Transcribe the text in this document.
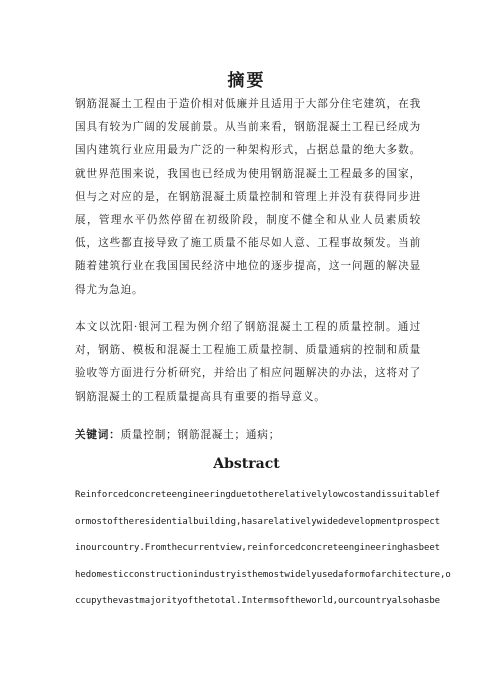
摘要
钢筋混凝土工程由于造价相对低廉并且适用于大部分住宅建筑，在我国具有较为广阔的发展前景。从当前来看，钢筋混凝土工程已经成为国内建筑行业应用最为广泛的一种架构形式，占据总量的绝大多数。就世界范围来说，我国也已经成为使用钢筋混凝土工程最多的国家，但与之对应的是，在钢筋混凝土质量控制和管理上并没有获得同步进展，管理水平仍然停留在初级阶段，制度不健全和从业人员素质较低，这些都直接导致了施工质量不能尽如人意、工程事故频发。当前随着建筑行业在我国国民经济中地位的逐步提高，这一问题的解决显得尤为急迫。
本文以沈阳·银河工程为例介绍了钢筋混凝土工程的质量控制。通过对，钢筋、模板和混凝土工程施工质量控制、质量通病的控制和质量验收等方面进行分析研究，并给出了相应问题解决的办法，这将对了钢筋混凝土的工程质量提高具有重要的指导意义。
关键词：质量控制；钢筋混凝土；通病；
Abstract
Reinforcedconcreteengineeringduetotherelativelylowcostandissuitablef
ormostoftheresidentialbuilding,hasarelativelywidedevelopmentprospect
inourcountry.Fromthecurrentview,reinforcedconcreteengineeringhasbeet
hedomesticconstructionindustryisthemostwidelyusedaformofarchitecture,o
ccupythevastmajorityofthetotal.Intermsoftheworld,ourcountryalsohasbe
